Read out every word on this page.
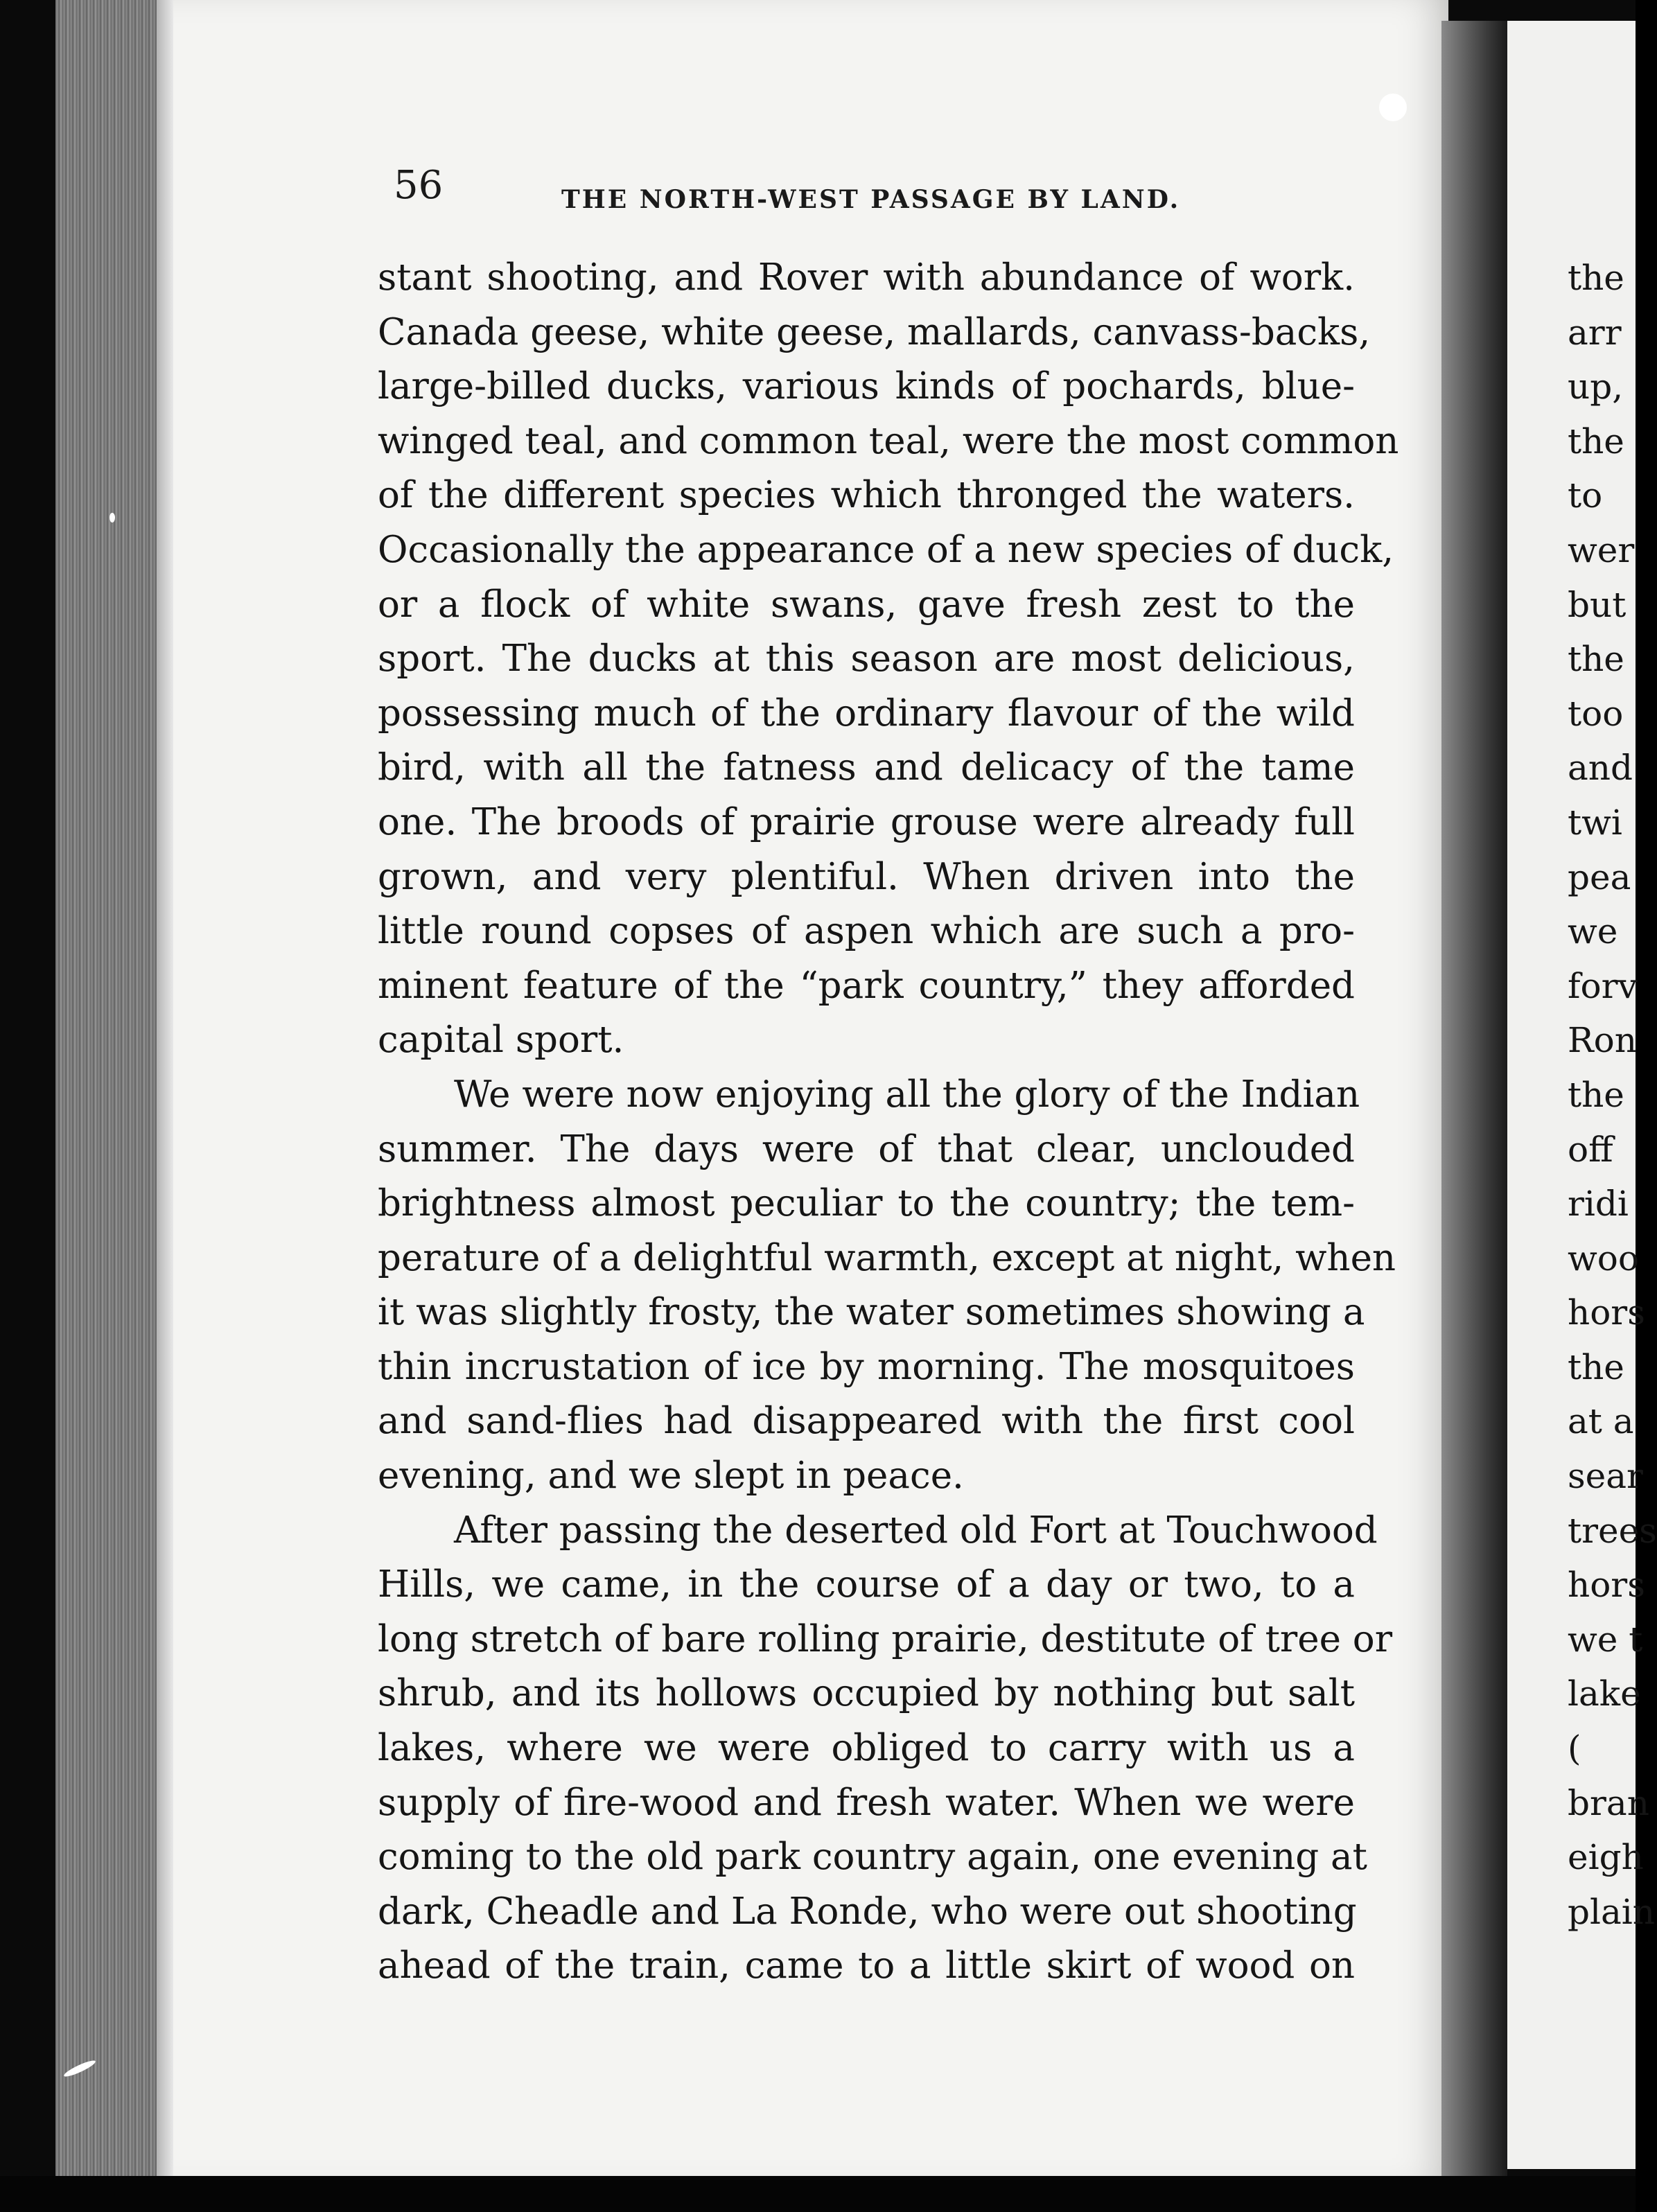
56	THE NORTH-WEST PASSAGE BY LAND.
stant shooting, and Rover with abundance of work.
Canada geese, white geese, mallards, canvass-backs,
large-billed ducks, various kinds of pochards, blue-
winged teal, and common teal, were the most common
of the different species which thronged the waters.
Occasionally the appearance of a new species of duck,
or a flock of white swans, gave fresh zest to the
sport. The ducks at this season are most delicious,
possessing much of the ordinary flavour of the wild
bird, with all the fatness and delicacy of the tame
one. The broods of prairie grouse were already full
grown, and very plentiful. When driven into the
little round copses of aspen which are such a pro-
minent feature of the “park country,” they afforded
capital sport.
We were now enjoying all the glory of the Indian
summer. The days were of that clear, unclouded
brightness almost peculiar to the country; the tem-
perature of a delightful warmth, except at night, when
it was slightly frosty, the water sometimes showing a
thin incrustation of ice by morning. The mosquitoes
and sand-flies had disappeared with the first cool
evening, and we slept in peace.
After passing the deserted old Fort at Touchwood
Hills, we came, in the course of a day or two, to a
long stretch of bare rolling prairie, destitute of tree or
shrub, and its hollows occupied by nothing but salt
lakes, where we were obliged to carry with us a
supply of fire-wood and fresh water. When we were
coming to the old park country again, one evening at
dark, Cheadle and La Ronde, who were out shooting
ahead of the train, came to a little skirt of wood on
the
arr
up,
the
to
wer
but
the
too
and
twi
pea
we
forv
Ron
the
off
ridi
woo
hors
the
at a
sear
trees
hors
we t
lake
(
bran
eigh
plain
